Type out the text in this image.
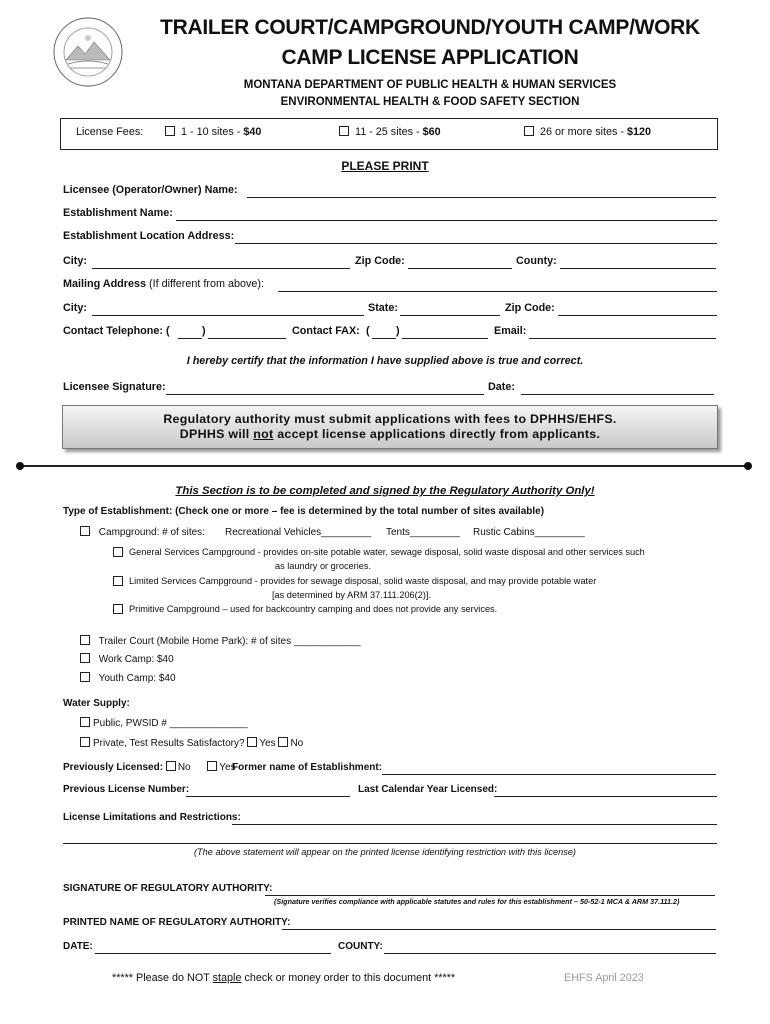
TRAILER COURT/CAMPGROUND/YOUTH CAMP/WORK
CAMP LICENSE APPLICATION
MONTANA DEPARTMENT OF PUBLIC HEALTH & HUMAN SERVICES
ENVIRONMENTAL HEALTH & FOOD SAFETY SECTION
License Fees:	1 - 10 sites - $40	11 - 25 sites - $60	26 or more sites - $120
PLEASE PRINT
Licensee (Operator/Owner) Name:
Establishment Name:
Establishment Location Address:
City:	Zip Code:	County:
Mailing Address (If different from above):
City:	State:	Zip Code:
Contact Telephone: (	)	Contact FAX: ( )	Email:
I hereby certify that the information I have supplied above is true and correct.
Licensee Signature:	Date:
Regulatory authority must submit applications with fees to DPHHS/EHFS.
DPHHS will not accept license applications directly from applicants.
This Section is to be completed and signed by the Regulatory Authority Only!
Type of Establishment: (Check one or more – fee is determined by the total number of sites available)
Campground: # of sites: Recreational Vehicles_________ Tents_________ Rustic Cabins_________
General Services Campground - provides on-site potable water, sewage disposal, solid waste disposal and other services such
as laundry or groceries.
Limited Services Campground - provides for sewage disposal, solid waste disposal, and may provide potable water
[as determined by ARM 37.111.206(2)].
Primitive Campground – used for backcountry camping and does not provide any services.
Trailer Court (Mobile Home Park): # of sites ____________
Work Camp: $40
Youth Camp: $40
Water Supply:
Public, PWSID # ______________
Private, Test Results Satisfactory? Yes No
Previously Licensed: No	Yes
Former name of Establishment:
Previous License Number:	Last Calendar Year Licensed:
License Limitations and Restrictions:
(The above statement will appear on the printed license identifying restriction with this license)
SIGNATURE OF REGULATORY AUTHORITY:
(Signature verifies compliance with applicable statutes and rules for this establishment – 50-52-1 MCA & ARM 37.111.2)
PRINTED NAME OF REGULATORY AUTHORITY:
DATE:	COUNTY:
***** Please do NOT staple check or money order to this document *****	EHFS April 2023
